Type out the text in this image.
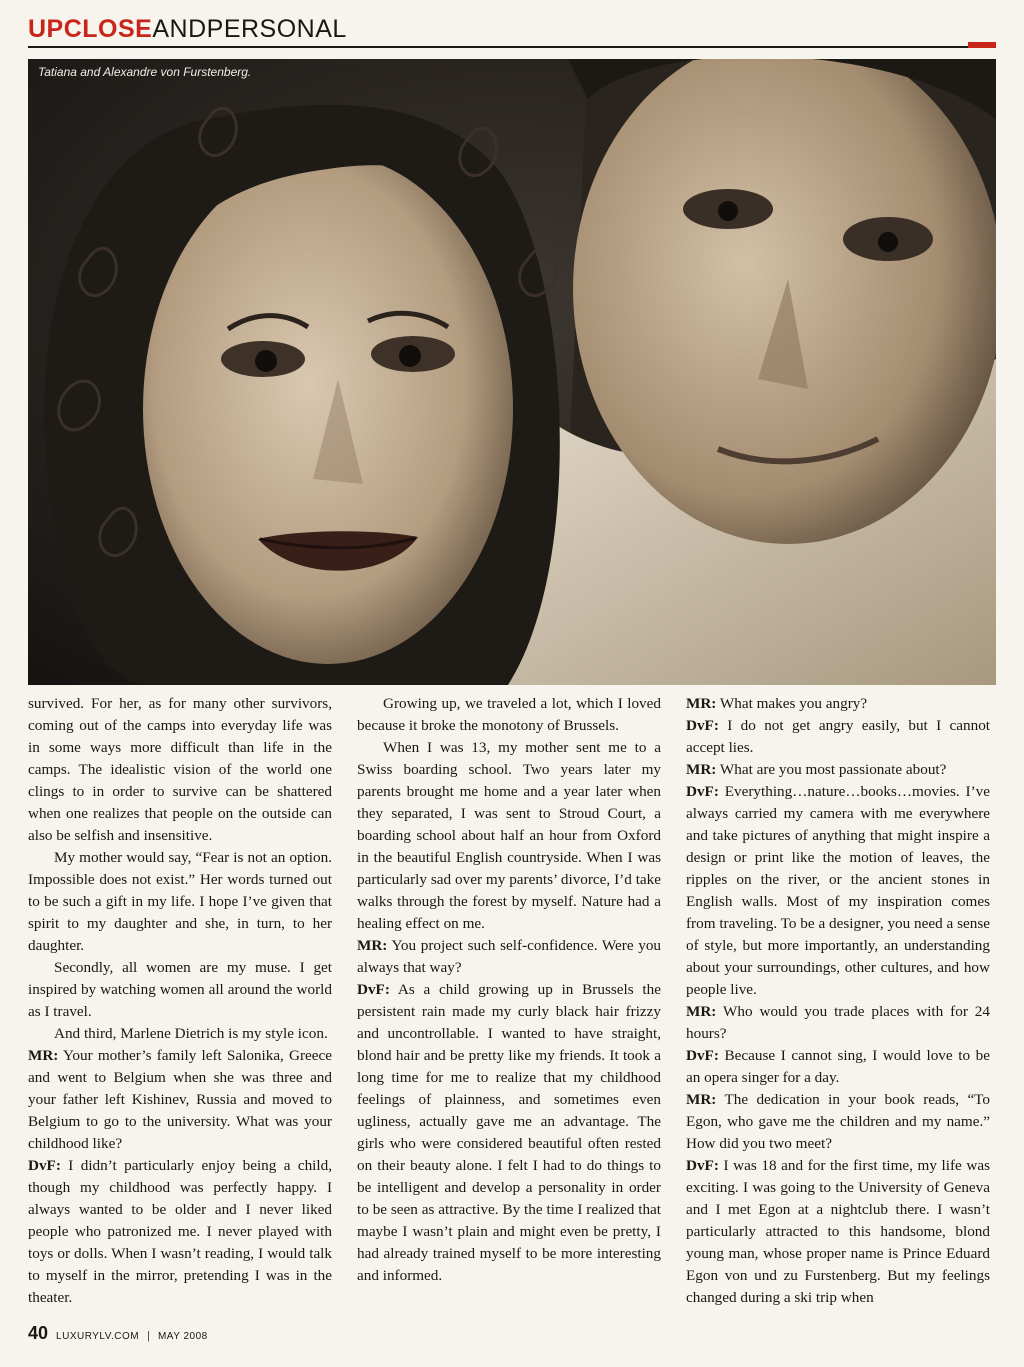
UPCLOSEANDPERSONAL
Tatiana and Alexandre von Furstenberg.

survived. For her, as for many other survivors, coming out of the camps into everyday life was in some ways more difficult than life in the camps. The idealistic vision of the world one clings to in order to survive can be shattered when one realizes that people on the outside can also be selfish and insensitive.

My mother would say, “Fear is not an option. Impossible does not exist.” Her words turned out to be such a gift in my life. I hope I’ve given that spirit to my daughter and she, in turn, to her daughter.

Secondly, all women are my muse. I get inspired by watching women all around the world as I travel.

And third, Marlene Dietrich is my style icon.

MR: Your mother’s family left Salonika, Greece and went to Belgium when she was three and your father left Kishinev, Russia and moved to Belgium to go to the university. What was your childhood like?

DvF: I didn’t particularly enjoy being a child, though my childhood was perfectly happy. I always wanted to be older and I never liked people who patronized me. I never played with toys or dolls. When I wasn’t reading, I would talk to myself in the mirror, pretending I was in the theater.

Growing up, we traveled a lot, which I loved because it broke the monotony of Brussels.

When I was 13, my mother sent me to a Swiss boarding school. Two years later my parents brought me home and a year later when they separated, I was sent to Stroud Court, a boarding school about half an hour from Oxford in the beautiful English countryside. When I was particularly sad over my parents’ divorce, I’d take walks through the forest by myself. Nature had a healing effect on me.

MR: You project such self-confidence. Were you always that way?

DvF: As a child growing up in Brussels the persistent rain made my curly black hair frizzy and uncontrollable. I wanted to have straight, blond hair and be pretty like my friends. It took a long time for me to realize that my childhood feelings of plainness, and sometimes even ugliness, actually gave me an advantage. The girls who were considered beautiful often rested on their beauty alone. I felt I had to do things to be intelligent and develop a personality in order to be seen as attractive. By the time I realized that maybe I wasn’t plain and might even be pretty, I had already trained myself to be more interesting and informed.

MR: What makes you angry?

DvF: I do not get angry easily, but I cannot accept lies.

MR: What are you most passionate about?

DvF: Everything…nature…books…movies. I’ve always carried my camera with me everywhere and take pictures of anything that might inspire a design or print like the motion of leaves, the ripples on the river, or the ancient stones in English walls. Most of my inspiration comes from traveling. To be a designer, you need a sense of style, but more importantly, an understanding about your surroundings, other cultures, and how people live.

MR: Who would you trade places with for 24 hours?

DvF: Because I cannot sing, I would love to be an opera singer for a day.

MR: The dedication in your book reads, “To Egon, who gave me the children and my name.” How did you two meet?

DvF: I was 18 and for the first time, my life was exciting. I was going to the University of Geneva and I met Egon at a nightclub there. I wasn’t particularly attracted to this handsome, blond young man, whose proper name is Prince Eduard Egon von und zu Furstenberg. But my feelings changed during a ski trip when

40 LUXURYLV.COM | MAY 2008
